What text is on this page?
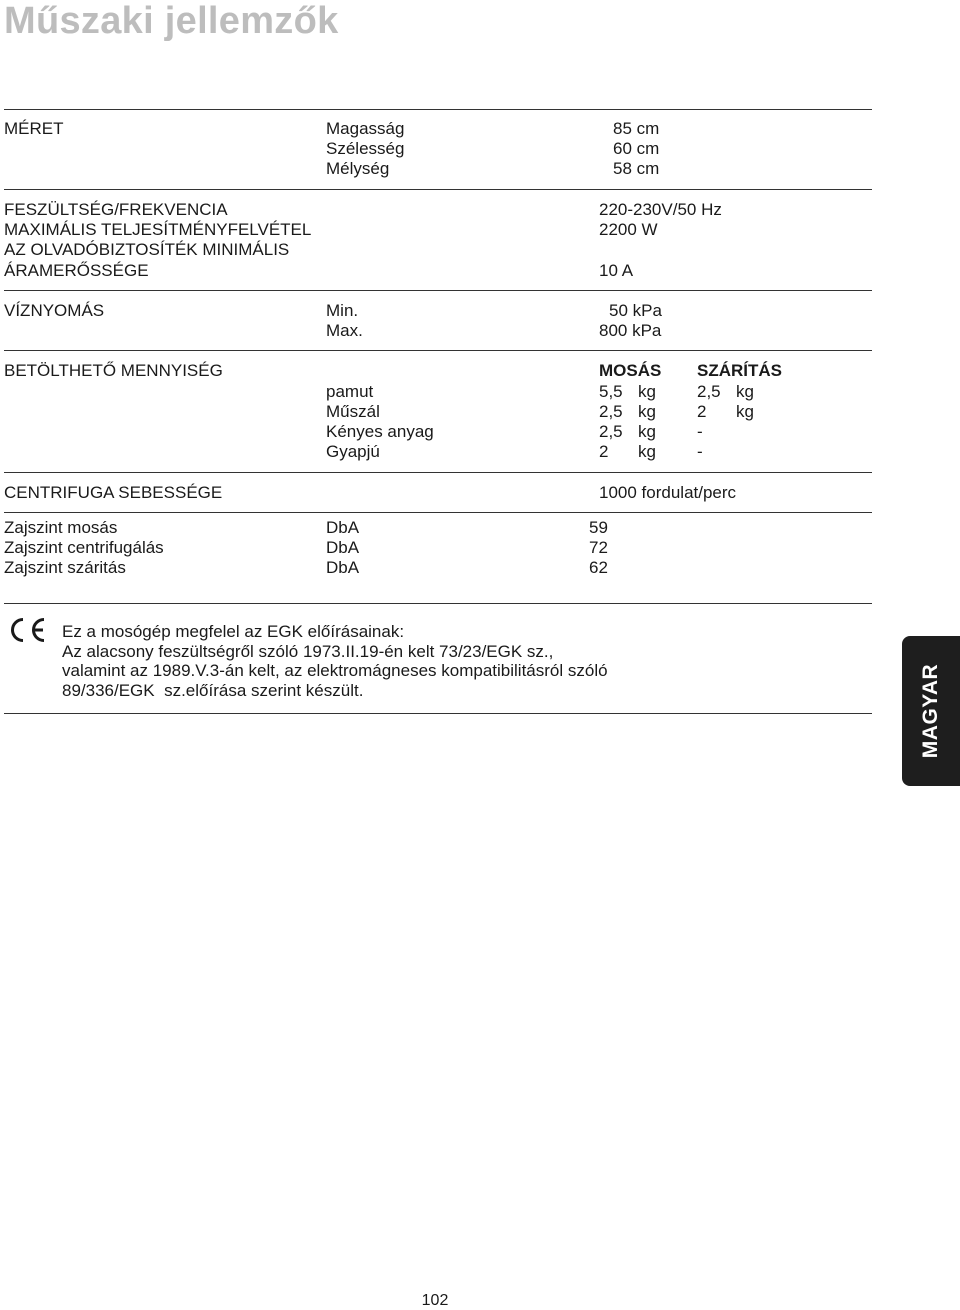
Műszaki jellemzők
MÉRET	Magasság	85 cm
Szélesség	60 cm
Mélység	58 cm
FESZÜLTSÉG/FREKVENCIA	220-230V/50 Hz
MAXIMÁLIS TELJESÍTMÉNYFELVÉTEL	2200 W
AZ OLVADÓBIZTOSÍTÉK MINIMÁLIS
ÁRAMERŐSSÉGE	10 A
VÍZNYOMÁS	Min.	50 kPa
Max.	800 kPa
BETÖLTHETŐ MENNYISÉG	MOSÁS SZÁRÍTÁS
pamut	5,5 kg 2,5 kg
Műszál	2,5 kg 2 kg
Kényes anyag	2,5 kg -
Gyapjú	2 kg -
CENTRIFUGA SEBESSÉGE	1000 fordulat/perc
Zajszint mosás	DbA	59
Zajszint centrifugálás	DbA	72
Zajszint száritás	DbA	62
Ez a mosógép megfelel az EGK előírásainak:
Az alacsony feszültségről szóló 1973.II.19-én kelt 73/23/EGK sz.,
valamint az 1989.V.3-án kelt, az elektromágneses kompatibilitásról szóló
89/336/EGK  sz.előírása szerint készült.	MAGYAR
102
